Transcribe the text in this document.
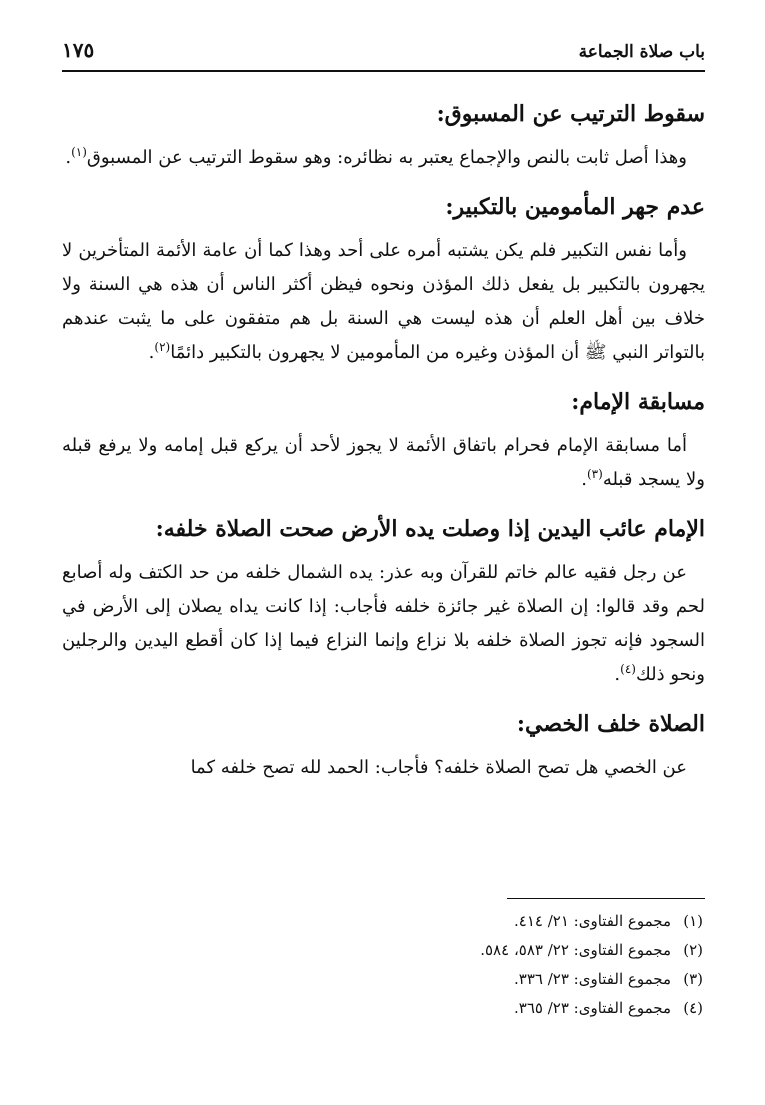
باب صلاة الجماعة
١٧٥
سقوط الترتيب عن المسبوق:

وهذا أصل ثابت بالنص والإجماع يعتبر به نظائره: وهو سقوط الترتيب عن المسبوق$^{(١)}$.

عدم جهر المأمومين بالتكبير:

وأما نفس التكبير فلم يكن يشتبه أمره على أحد وهذا كما أن عامة الأئمة المتأخرين لا يجهرون بالتكبير بل يفعل ذلك المؤذن ونحوه فيظن أكثر الناس أن هذه هي السنة ولا خلاف بين أهل العلم أن هذه ليست هي السنة بل هم متفقون على ما يثبت عندهم بالتواتر النبي ﷺ أن المؤذن وغيره من المأمومين لا يجهرون بالتكبير دائمًا$^{(٢)}$.

مسابقة الإمام:

أما مسابقة الإمام فحرام باتفاق الأئمة لا يجوز لأحد أن يركع قبل إمامه ولا يرفع قبله ولا يسجد قبله$^{(٣)}$.

الإمام عائب اليدين إذا وصلت يده الأرض صحت الصلاة خلفه:

عن رجل فقيه عالم خاتم للقرآن وبه عذر: يده الشمال خلفه من حد الكتف وله أصابع لحم وقد قالوا: إن الصلاة غير جائزة خلفه فأجاب: إذا كانت يداه يصلان إلى الأرض في السجود فإنه تجوز الصلاة خلفه بلا نزاع وإنما النزاع فيما إذا كان أقطع اليدين والرجلين ونحو ذلك$^{(٤)}$.

الصلاة خلف الخصي:

عن الخصي هل تصح الصلاة خلفه؟ فأجاب: الحمد لله تصح خلفه كما

(١)مجموع الفتاوى: ٢١/ ٤١٤.
(٢)مجموع الفتاوى: ٢٢/ ٥٨٣، ٥٨٤.
(٣)مجموع الفتاوى: ٢٣/ ٣٣٦.
(٤)مجموع الفتاوى: ٢٣/ ٣٦٥.
